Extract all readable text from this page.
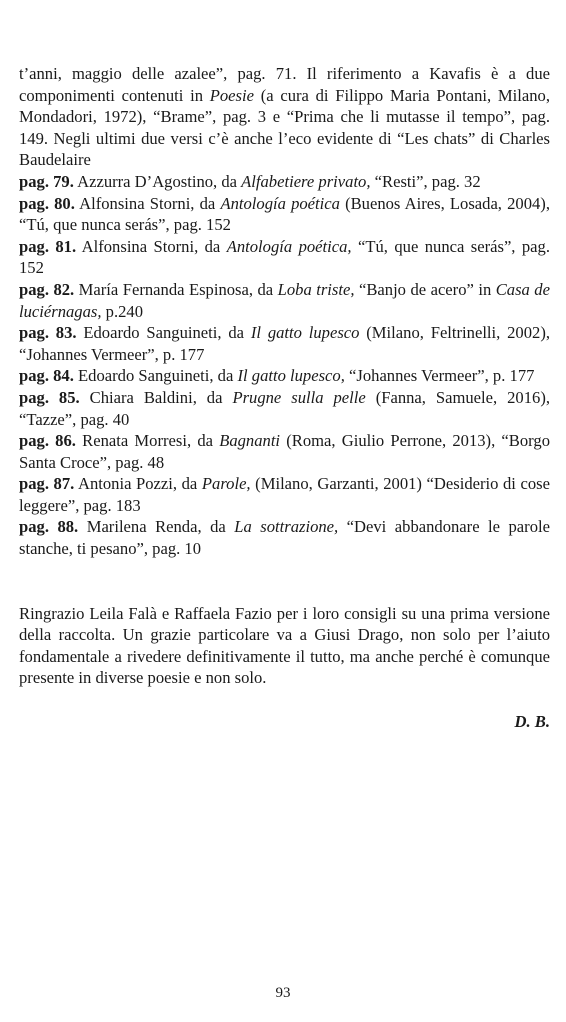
t’anni, maggio delle azalee”, pag. 71. Il riferimento a Kavafis è a due componimenti contenuti in Poesie (a cura di Filippo Maria Pontani, Milano, Mondadori, 1972), “Brame”, pag. 3 e “Prima che li mutasse il tempo”, pag. 149. Negli ultimi due versi c’è anche l’eco evidente di “Les chats” di Charles Baudelaire

pag. 79. Azzurra D’Agostino, da Alfabetiere privato, “Resti”, pag. 32

pag. 80. Alfonsina Storni, da Antología poética (Buenos Aires, Losada, 2004), “Tú, que nunca serás”, pag. 152

pag. 81. Alfonsina Storni, da Antología poética, “Tú, que nunca serás”, pag. 152

pag. 82. María Fernanda Espinosa, da Loba triste, “Banjo de acero” in Casa de luciérnagas, p.240

pag. 83. Edoardo Sanguineti, da Il gatto lupesco (Milano, Feltrinelli, 2002), “Johannes Vermeer”, p. 177

pag. 84. Edoardo Sanguineti, da Il gatto lupesco, “Johannes Vermeer”, p. 177

pag. 85. Chiara Baldini, da Prugne sulla pelle (Fanna, Samuele, 2016), “Tazze”, pag. 40

pag. 86. Renata Morresi, da Bagnanti (Roma, Giulio Perrone, 2013), “Borgo Santa Croce”, pag. 48

pag. 87. Antonia Pozzi, da Parole, (Milano, Garzanti, 2001) “Desiderio di cose leggere”, pag. 183

pag. 88. Marilena Renda, da La sottrazione, “Devi abbandonare le parole stanche, ti pesano”, pag. 10

Ringrazio Leila Falà e Raffaela Fazio per i loro consigli su una prima versione della raccolta. Un grazie particolare va a Giusi Drago, non solo per l’aiuto fondamentale a rivedere definitivamente il tutto, ma anche perché è comunque presente in diverse poesie e non solo.

D. B.
93
